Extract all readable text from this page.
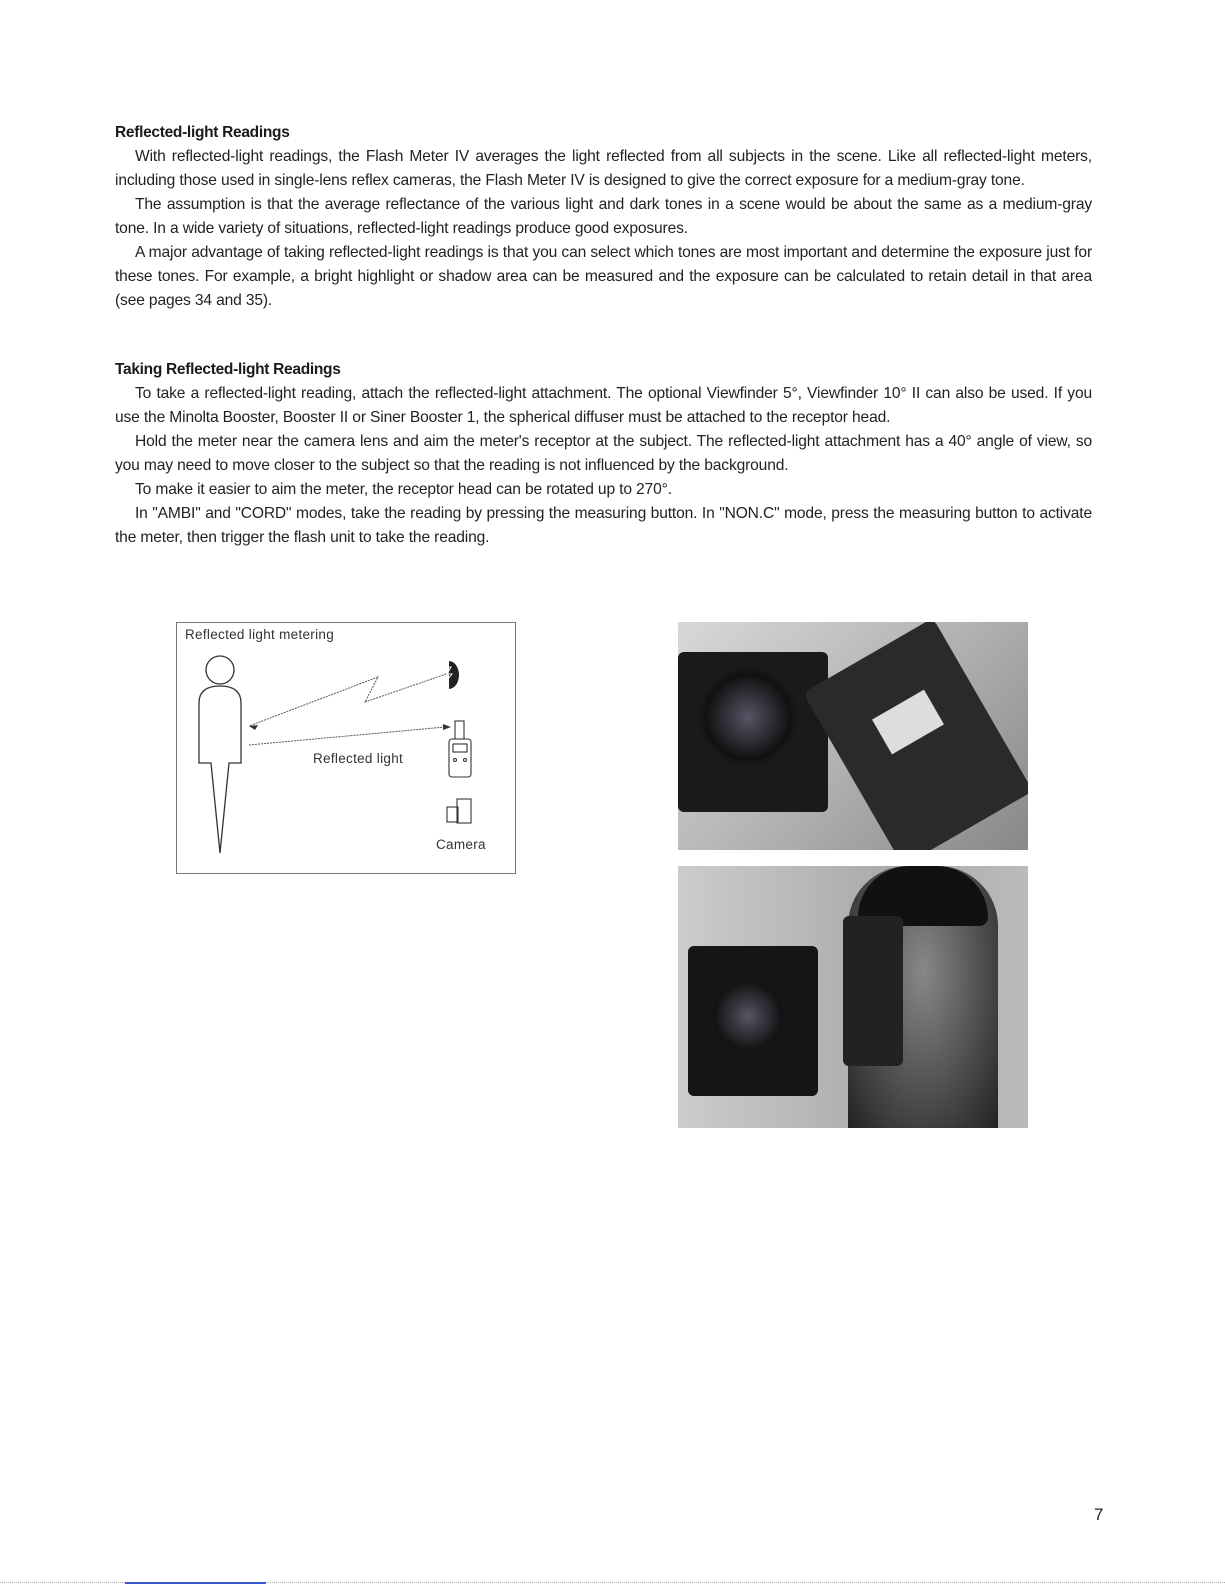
Reflected-light Readings

With reflected-light readings, the Flash Meter IV averages the light reflected from all subjects in the scene. Like all reflected-light meters, including those used in single-lens reflex cameras, the Flash Meter IV is designed to give the correct exposure for a medium-gray tone.

The assumption is that the average reflectance of the various light and dark tones in a scene would be about the same as a medium-gray tone. In a wide variety of situations, reflected-light readings produce good exposures.

A major advantage of taking reflected-light readings is that you can select which tones are most important and determine the exposure just for these tones. For example, a bright highlight or shadow area can be measured and the exposure can be calculated to retain detail in that area (see pages 34 and 35).

Taking Reflected-light Readings

To take a reflected-light reading, attach the reflected-light attachment. The optional Viewfinder 5°, Viewfinder 10° II can also be used. If you use the Minolta Booster, Booster II or Siner Booster 1, the spherical diffuser must be attached to the receptor head.

Hold the meter near the camera lens and aim the meter's receptor at the subject. The reflected-light attachment has a 40° angle of view, so you may need to move closer to the subject so that the reading is not influenced by the background.

To make it easier to aim the meter, the receptor head can be rotated up to 270°.

In "AMBI" and "CORD" modes, take the reading by pressing the measuring button. In "NON.C" mode, press the measuring button to activate the meter, then trigger the flash unit to take the reading.

Reflected light metering
Reflected light
Camera
7
